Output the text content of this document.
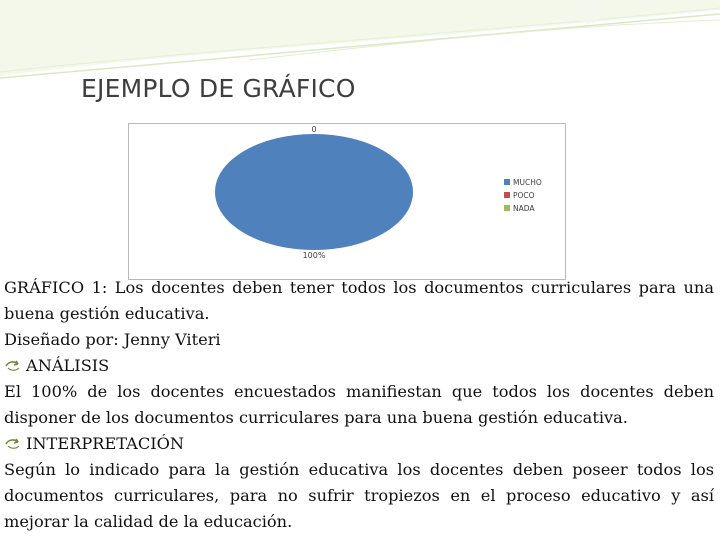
EJEMPLO DE GRÁFICO
100%
0
MUCHO
POCO
NADA

GRÁFICO 1: Los docentes deben tener todos los documentos curriculares para una buena gestión educativa.

Diseñado por: Jenny Viteri

ANÁLISIS

El 100% de los docentes encuestados manifiestan que todos los docentes deben disponer de los documentos curriculares para una buena gestión educativa.

INTERPRETACIÓN

Según lo indicado para la gestión educativa los docentes deben poseer todos los documentos curriculares, para no sufrir tropiezos en el proceso educativo y así mejorar la calidad de la educación.
